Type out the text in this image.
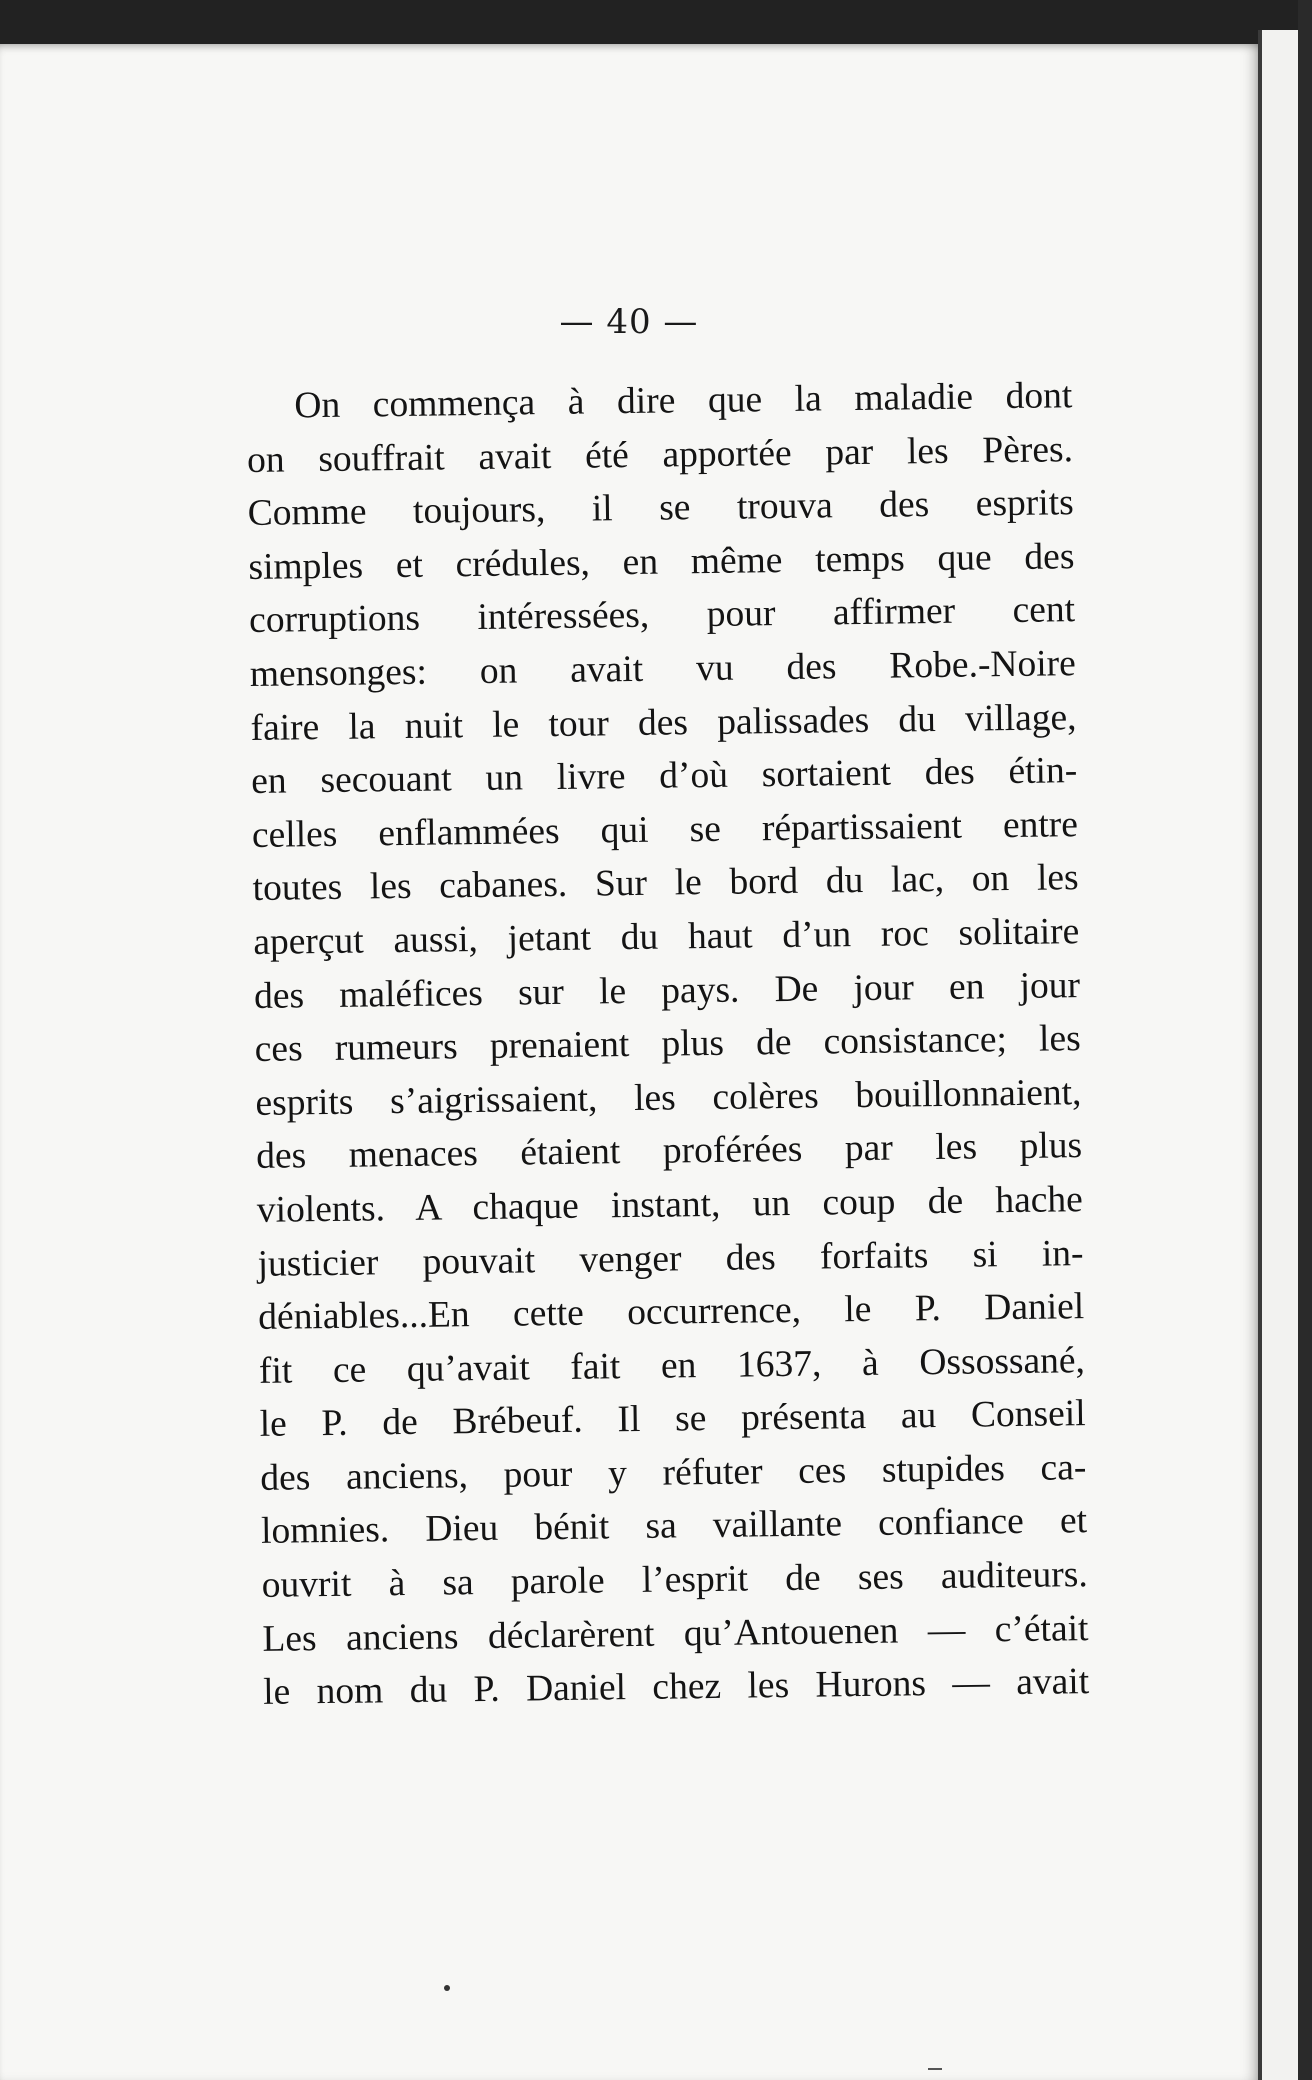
— 40 —
On commença à dire que la maladie dont
on souffrait avait été apportée par les Pères.
Comme toujours, il se trouva des esprits
simples et crédules, en même temps que des
corruptions intéressées, pour affirmer cent
mensonges: on avait vu des Robe.-Noire
faire la nuit le tour des palissades du village,
en secouant un livre d’où sortaient des étin-
celles enflammées qui se répartissaient entre
toutes les cabanes. Sur le bord du lac, on les
aperçut aussi, jetant du haut d’un roc solitaire
des maléfices sur le pays. De jour en jour
ces rumeurs prenaient plus de consistance; les
esprits s’aigrissaient, les colères bouillonnaient,
des menaces étaient proférées par les plus
violents. A chaque instant, un coup de hache
justicier pouvait venger des forfaits si in-
déniables...En cette occurrence, le P. Daniel
fit ce qu’avait fait en 1637, à Ossossané,
le P. de Brébeuf. Il se présenta au Conseil
des anciens, pour y réfuter ces stupides ca-
lomnies. Dieu bénit sa vaillante confiance et
ouvrit à sa parole l’esprit de ses auditeurs.
Les anciens déclarèrent qu’Antouenen — c’était
le nom du P. Daniel chez les Hurons — avait
